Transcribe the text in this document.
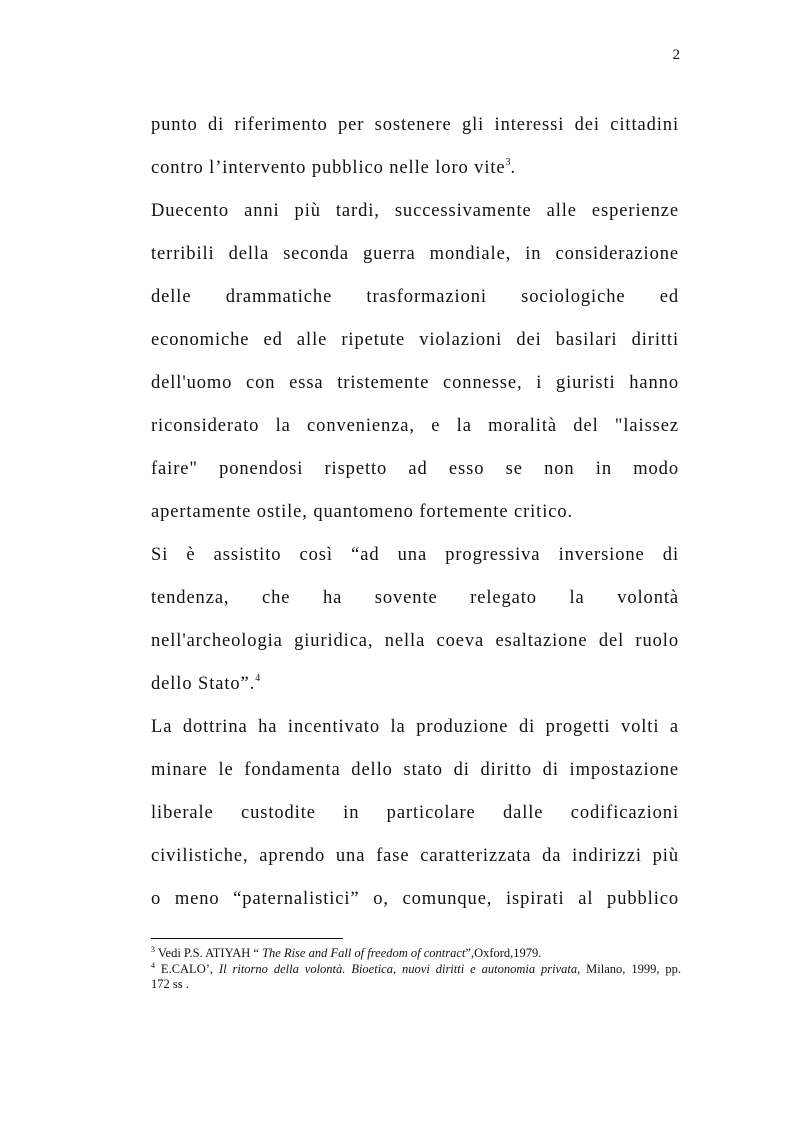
2
punto di riferimento per sostenere gli interessi dei cittadini
contro l’intervento pubblico nelle loro vite$^3$.
Duecento anni più tardi, successivamente alle esperienze
terribili della seconda guerra mondiale, in considerazione
delle drammatiche trasformazioni sociologiche ed
economiche ed alle ripetute violazioni dei basilari diritti
dell'uomo con essa tristemente connesse, i giuristi hanno
riconsiderato la convenienza, e la moralità del "laissez
faire" ponendosi rispetto ad esso se non in modo
apertamente ostile, quantomeno fortemente critico.
Si è assistito così “ad una progressiva inversione di
tendenza, che ha sovente relegato la volontà
nell'archeologia giuridica, nella coeva esaltazione del ruolo
dello Stato”.$^4$
La dottrina ha incentivato la produzione di progetti volti a
minare le fondamenta dello stato di diritto di impostazione
liberale custodite in particolare dalle codificazioni
civilistiche, aprendo una fase caratterizzata da indirizzi più
o meno “paternalistici” o, comunque, ispirati al pubblico
$^3$ Vedi P.S. ATIYAH “ The Rise and Fall of freedom of contract”,Oxford,1979.
$^4$ E.CALO’, Il ritorno della volontà. Bioetica, nuovi diritti e autonomia privata, Milano, 1999, pp.
172 ss .
